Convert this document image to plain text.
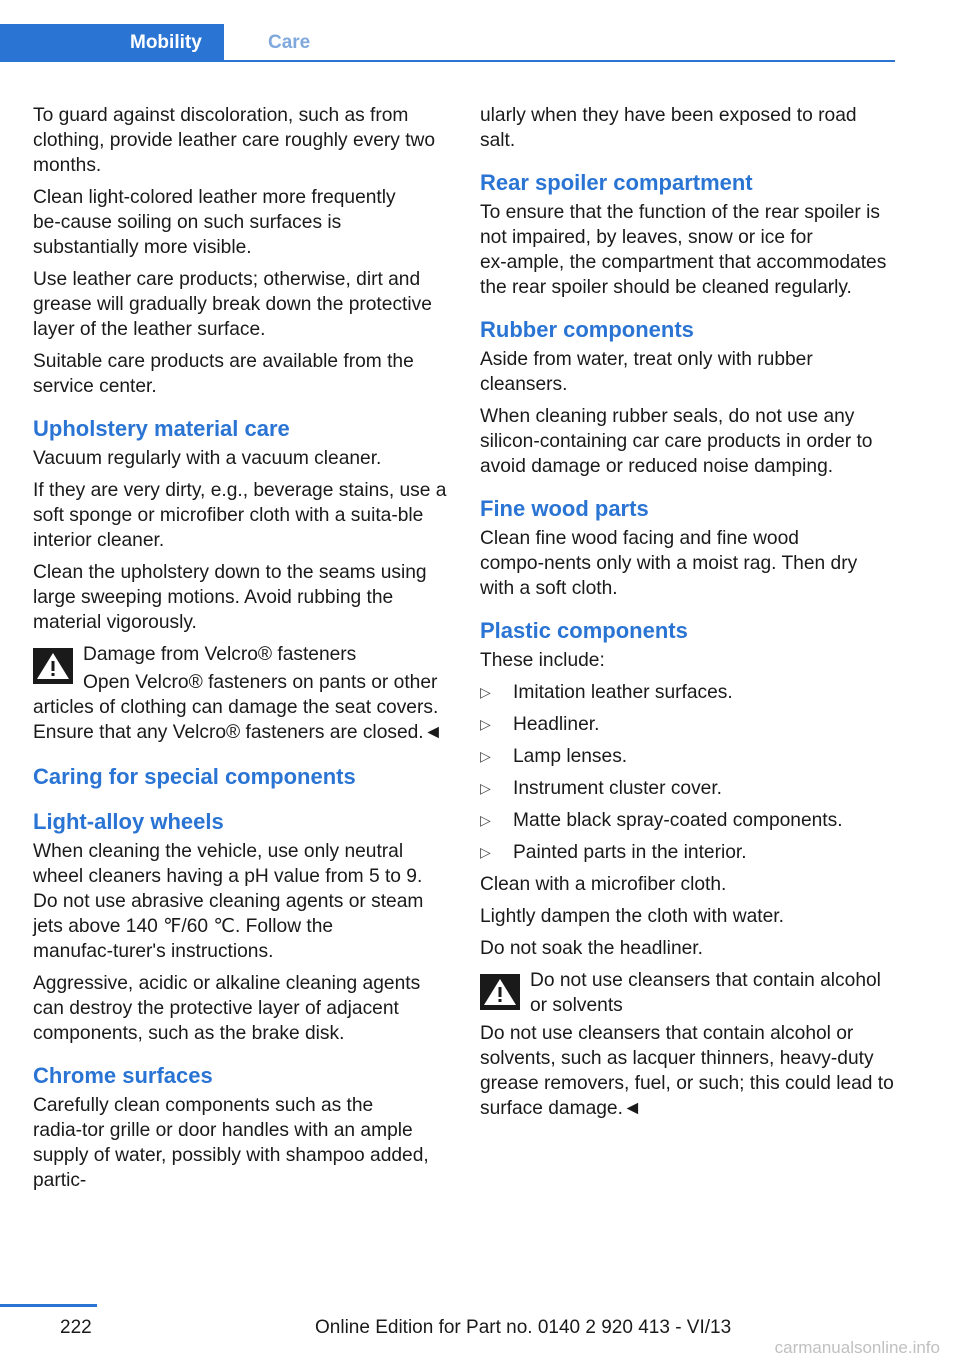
Mobility	Care

To guard against discoloration, such as from clothing, provide leather care roughly every two months.

Clean light-colored leather more frequently be‑cause soiling on such surfaces is substantially more visible.

Use leather care products; otherwise, dirt and grease will gradually break down the protective layer of the leather surface.

Suitable care products are available from the service center.

Upholstery material care

Vacuum regularly with a vacuum cleaner.

If they are very dirty, e.g., beverage stains, use a soft sponge or microfiber cloth with a suita‑ble interior cleaner.

Clean the upholstery down to the seams using large sweeping motions. Avoid rubbing the material vigorously.

Damage from Velcro® fasteners
Open Velcro® fasteners on pants or other articles of clothing can damage the seat covers. Ensure that any Velcro® fasteners are closed.◄
Caring for special components
Light-alloy wheels

When cleaning the vehicle, use only neutral wheel cleaners having a pH value from 5 to 9. Do not use abrasive cleaning agents or steam jets above 140 ℉/60 ℃. Follow the manufac‑turer's instructions.

Aggressive, acidic or alkaline cleaning agents can destroy the protective layer of adjacent components, such as the brake disk.

Chrome surfaces

Carefully clean components such as the radia‑tor grille or door handles with an ample supply of water, possibly with shampoo added, partic‑

ularly when they have been exposed to road salt.

Rear spoiler compartment

To ensure that the function of the rear spoiler is not impaired, by leaves, snow or ice for ex‑ample, the compartment that accommodates the rear spoiler should be cleaned regularly.

Rubber components

Aside from water, treat only with rubber cleansers.

When cleaning rubber seals, do not use any silicon-containing car care products in order to avoid damage or reduced noise damping.

Fine wood parts

Clean fine wood facing and fine wood compo‑nents only with a moist rag. Then dry with a soft cloth.

Plastic components

These include:

▷ Imitation leather surfaces.
▷ Headliner.
▷ Lamp lenses.
▷ Instrument cluster cover.
▷ Matte black spray-coated components.
▷ Painted parts in the interior.

Clean with a microfiber cloth.

Lightly dampen the cloth with water.

Do not soak the headliner.

Do not use cleansers that contain alcohol or solvents
Do not use cleansers that contain alcohol or solvents, such as lacquer thinners, heavy-duty grease removers, fuel, or such; this could lead to surface damage.◄
222	Online Edition for Part no. 0140 2 920 413 - VI/13
carmanualsonline.info
